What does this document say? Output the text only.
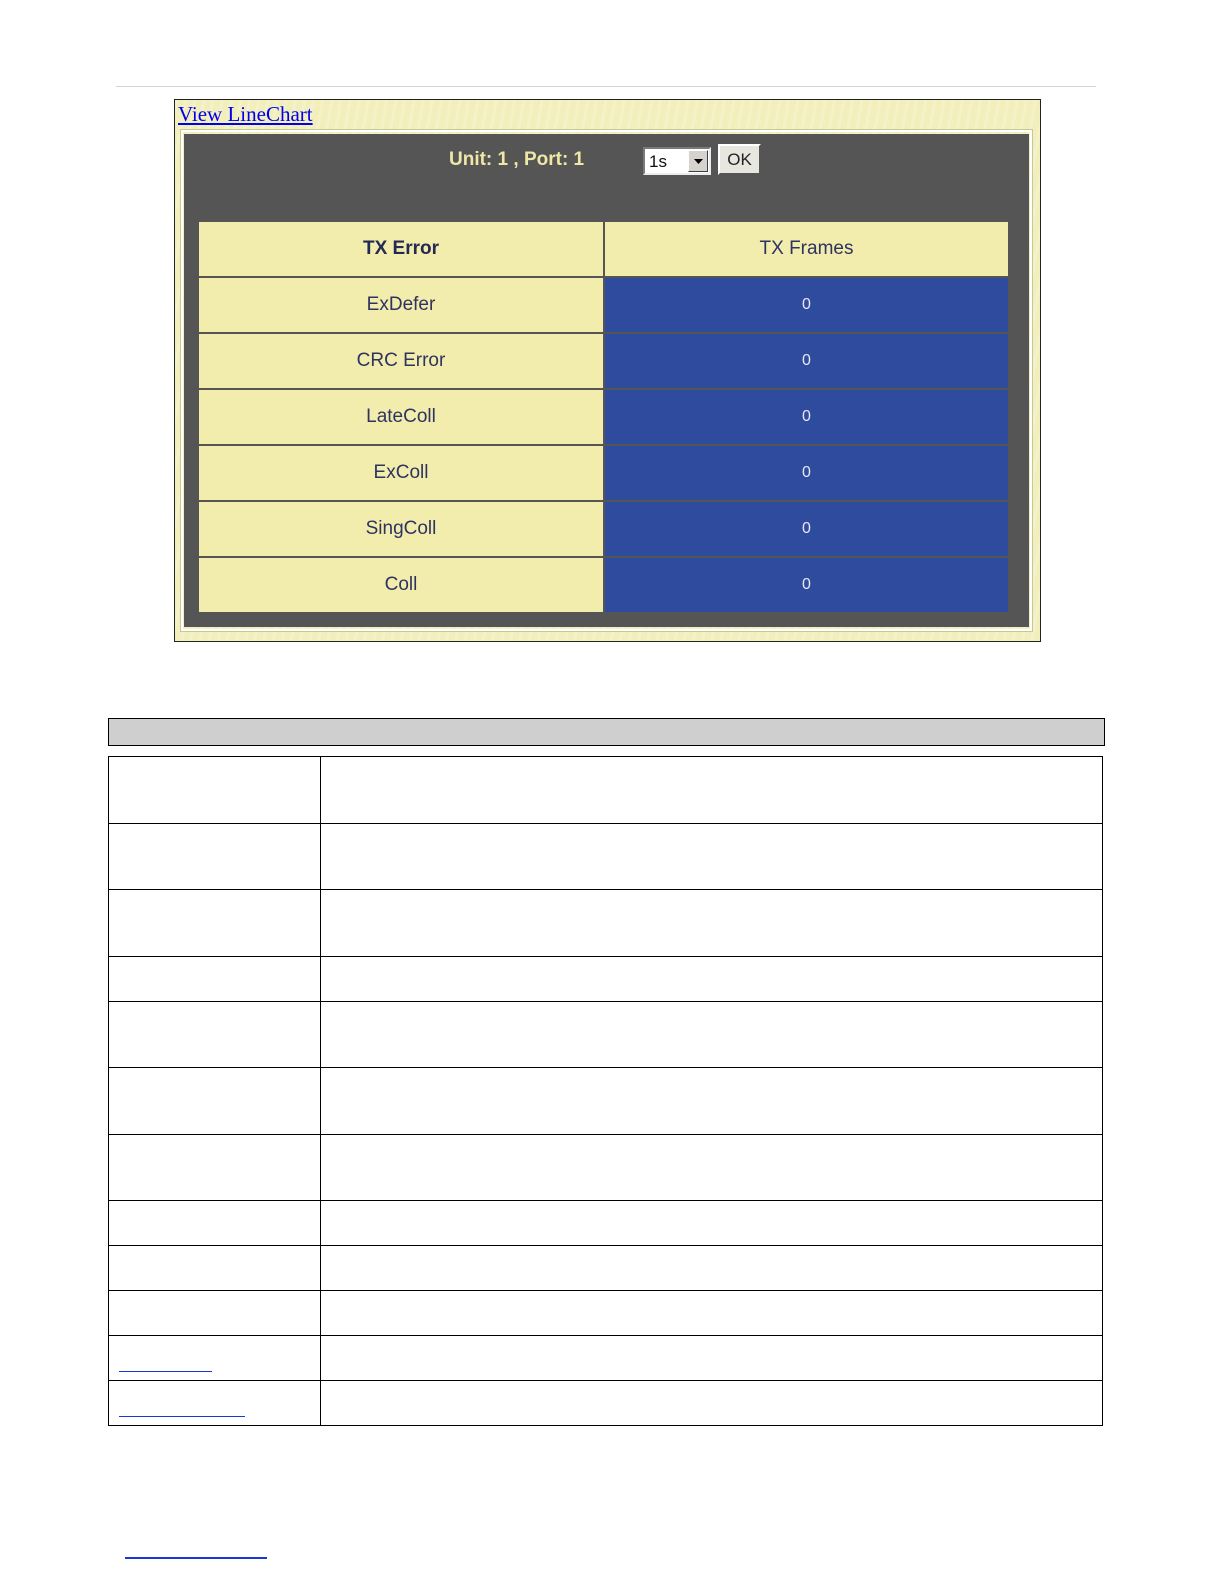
View LineChart
Unit: 1 , Port: 1	1s	OK
TX Error	TX Frames
ExDefer	0
CRC Error	0
LateColl	0
ExColl	0
SingColl	0
Coll	0
